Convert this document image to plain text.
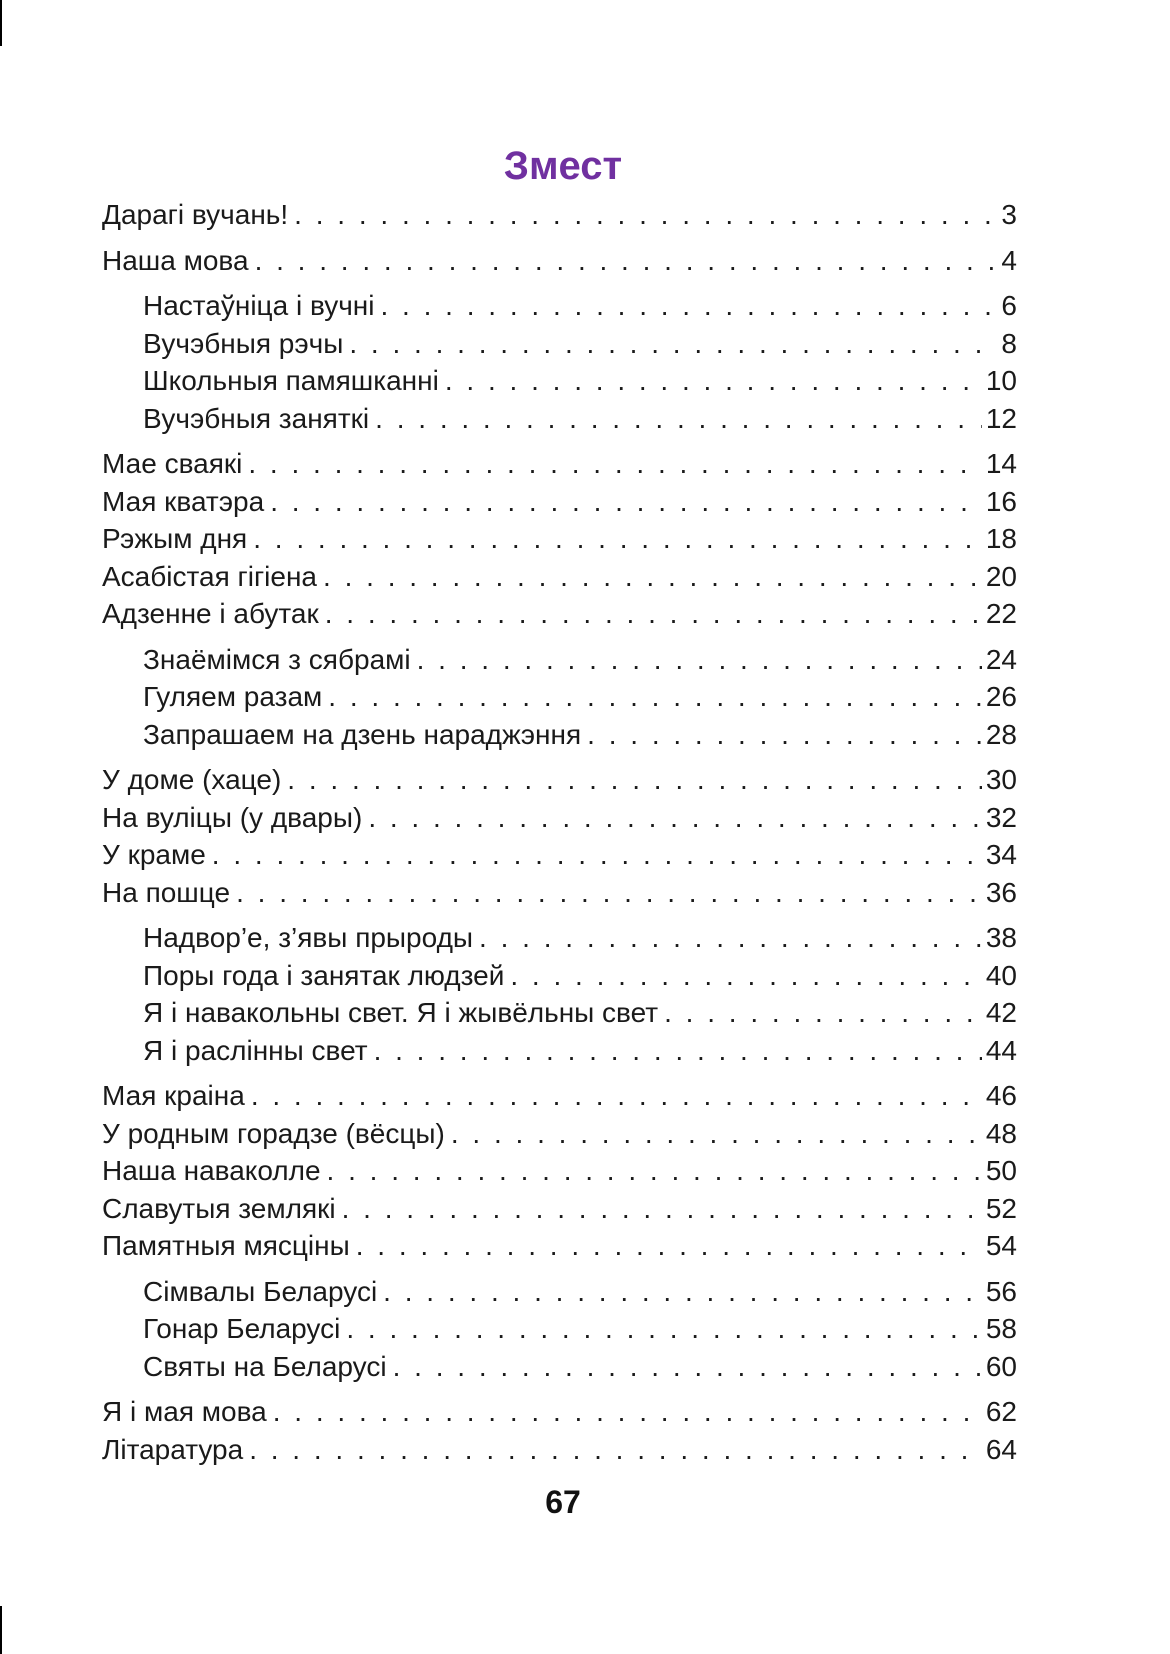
Змест
Дарагі вучань! . . .	3
Наша мова . . .	4
Настаўніца і вучні . . .	6
Вучэбныя рэчы . . .	8
Школьныя памяшканні . . .	10
Вучэбныя заняткі . . .	12
Мае сваякі . . .	14
Мая кватэра . . .	16
Рэжым дня . . .	18
Асабістая гігіена . . .	20
Адзенне і абутак . . .	22
Знаёмімся з сябрамі . . .	24
Гуляем разам . . .	26
Запрашаем на дзень нараджэння . . .	28
У доме (хаце) . . .	30
На вуліцы (у двары) . . .	32
У краме . . .	34
На пошце . . .	36
Надвор’е, з’явы прыроды . . .	38
Поры года і занятак людзей . . .	40
Я і навакольны свет. Я і жывёльны свет . . .	42
Я і раслінны свет . . .	44
Мая краіна . . .	46
У родным горадзе (вёсцы) . . .	48
Наша наваколле . . .	50
Славутыя землякі . . .	52
Памятныя мясціны . . .	54
Сімвалы Беларусі . . .	56
Гонар Беларусі . . .	58
Святы на Беларусі . . .	60
Я і мая мова . . .	62
Літаратура . . .	64
67
